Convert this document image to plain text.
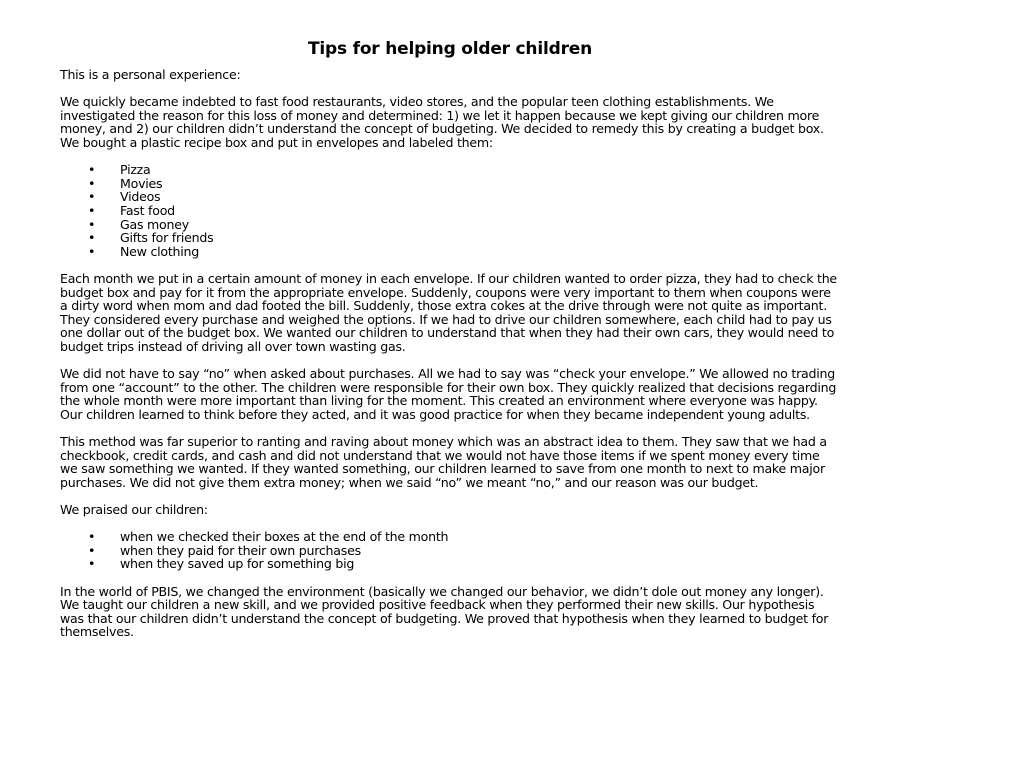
Tips for helping older children

This is a personal experience:

We quickly became indebted to fast food restaurants, video stores, and the popular teen clothing establishments. We investigated the reason for this loss of money and determined: 1) we let it happen because we kept giving our children more money, and 2) our children didn’t understand the concept of budgeting. We decided to remedy this by creating a budget box. We bought a plastic recipe box and put in envelopes and labeled them:

• Pizza
• Movies
• Videos
• Fast food
• Gas money
• Gifts for friends
• New clothing

Each month we put in a certain amount of money in each envelope. If our children wanted to order pizza, they had to check the budget box and pay for it from the appropriate envelope. Suddenly, coupons were very important to them when coupons were a dirty word when mom and dad footed the bill. Suddenly, those extra cokes at the drive through were not quite as important. They considered every purchase and weighed the options. If we had to drive our children somewhere, each child had to pay us one dollar out of the budget box. We wanted our children to understand that when they had their own cars, they would need to budget trips instead of driving all over town wasting gas.

We did not have to say “no” when asked about purchases. All we had to say was “check your envelope.” We allowed no trading from one “account” to the other. The children were responsible for their own box. They quickly realized that decisions regarding the whole month were more important than living for the moment. This created an environment where everyone was happy. Our children learned to think before they acted, and it was good practice for when they became independent young adults.

This method was far superior to ranting and raving about money which was an abstract idea to them. They saw that we had a checkbook, credit cards, and cash and did not understand that we would not have those items if we spent money every time we saw something we wanted. If they wanted something, our children learned to save from one month to next to make major purchases. We did not give them extra money; when we said “no” we meant “no,” and our reason was our budget.

We praised our children:

• when we checked their boxes at the end of the month
• when they paid for their own purchases
• when they saved up for something big

In the world of PBIS, we changed the environment (basically we changed our behavior, we didn’t dole out money any longer). We taught our children a new skill, and we provided positive feedback when they performed their new skills. Our hypothesis was that our children didn’t understand the concept of budgeting. We proved that hypothesis when they learned to budget for themselves.
